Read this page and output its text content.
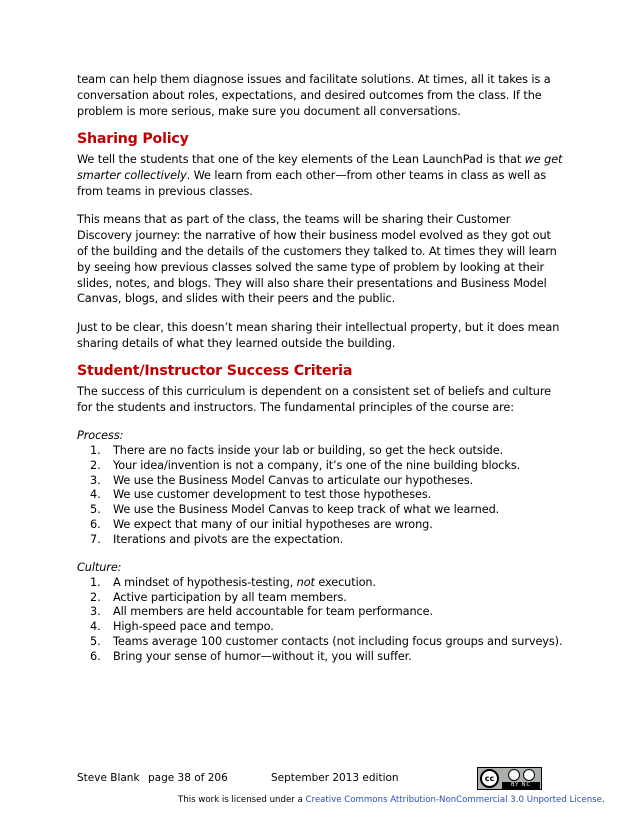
team can help them diagnose issues and facilitate solutions. At times, all it takes is a conversation about roles, expectations, and desired outcomes from the class. If the problem is more serious, make sure you document all conversations.

Sharing Policy

We tell the students that one of the key elements of the Lean LaunchPad is that we get smarter collectively. We learn from each other—from other teams in class as well as from teams in previous classes.

This means that as part of the class, the teams will be sharing their Customer Discovery journey: the narrative of how their business model evolved as they got out of the building and the details of the customers they talked to. At times they will learn by seeing how previous classes solved the same type of problem by looking at their slides, notes, and blogs. They will also share their presentations and Business Model Canvas, blogs, and slides with their peers and the public.

Just to be clear, this doesn’t mean sharing their intellectual property, but it does mean sharing details of what they learned outside the building.

Student/Instructor Success Criteria

The success of this curriculum is dependent on a consistent set of beliefs and culture for the students and instructors. The fundamental principles of the course are:

Process:

1.	There are no facts inside your lab or building, so get the heck outside.
2.	Your idea/invention is not a company, it’s one of the nine building blocks.
3.	We use the Business Model Canvas to articulate our hypotheses.
4.	We use customer development to test those hypotheses.
5.	We use the Business Model Canvas to keep track of what we learned.
6.	We expect that many of our initial hypotheses are wrong.
7.	Iterations and pivots are the expectation.

Culture:

1.	A mindset of hypothesis-testing, not execution.
2.	Active participation by all team members.
3.	All members are held accountable for team performance.
4.	High-speed pace and tempo.
5.	Teams average 100 customer contacts (not including focus groups and surveys).
6.	Bring your sense of humor—without it, you will suffer.
Steve Blank page 38 of 206	September 2013 edition	cc
BY NC
This work is licensed under a Creative Commons Attribution-NonCommercial 3.0 Unported License.
